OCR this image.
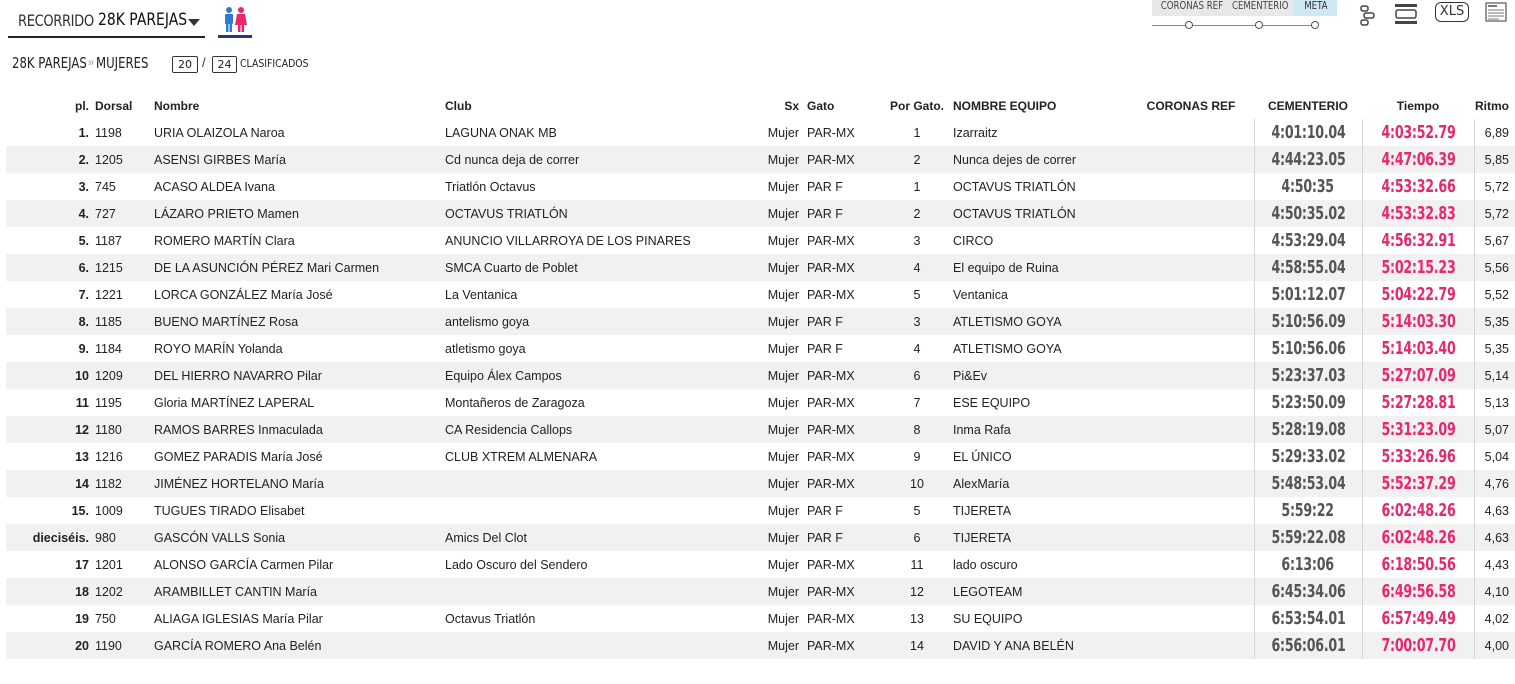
RECORRIDO 28K PAREJAS
CORONAS REF CEMENTERIO	META	XLS
28K PAREJAS » MUJERES	20 /	24 CLASIFICADOS
pl.	Dorsal	Nombre	Club	Sx	Gato	Por Gato.	NOMBRE EQUIPO	CORONAS REF	CEMENTERIO	Tiempo	Ritmo
1.	1198	URIA OLAIZOLA Naroa	LAGUNA ONAK MB	Mujer	PAR-MX	1	Izarraitz		4:01:10.04	4:03:52.79	6,89
2.	1205	ASENSI GIRBES María	Cd nunca deja de correr	Mujer	PAR-MX	2	Nunca dejes de correr		4:44:23.05	4:47:06.39	5,85
3.	745	ACASO ALDEA Ivana	Triatlón Octavus	Mujer	PAR F	1	OCTAVUS TRIATLÓN		4:50:35	4:53:32.66	5,72
4.	727	LÁZARO PRIETO Mamen	OCTAVUS TRIATLÓN	Mujer	PAR F	2	OCTAVUS TRIATLÓN		4:50:35.02	4:53:32.83	5,72
5.	1187	ROMERO MARTÍN Clara	ANUNCIO VILLARROYA DE LOS PINARES	Mujer	PAR-MX	3	CIRCO		4:53:29.04	4:56:32.91	5,67
6.	1215	DE LA ASUNCIÓN PÉREZ Mari Carmen	SMCA Cuarto de Poblet	Mujer	PAR-MX	4	El equipo de Ruina		4:58:55.04	5:02:15.23	5,56
7.	1221	LORCA GONZÁLEZ María José	La Ventanica	Mujer	PAR-MX	5	Ventanica		5:01:12.07	5:04:22.79	5,52
8.	1185	BUENO MARTÍNEZ Rosa	antelismo goya	Mujer	PAR F	3	ATLETISMO GOYA		5:10:56.09	5:14:03.30	5,35
9.	1184	ROYO MARÍN Yolanda	atletismo goya	Mujer	PAR F	4	ATLETISMO GOYA		5:10:56.06	5:14:03.40	5,35
10	1209	DEL HIERRO NAVARRO Pilar	Equipo Álex Campos	Mujer	PAR-MX	6	Pi&Ev		5:23:37.03	5:27:07.09	5,14
11	1195	Gloria MARTÍNEZ LAPERAL	Montañeros de Zaragoza	Mujer	PAR-MX	7	ESE EQUIPO		5:23:50.09	5:27:28.81	5,13
12	1180	RAMOS BARRES Inmaculada	CA Residencia Callops	Mujer	PAR-MX	8	Inma Rafa		5:28:19.08	5:31:23.09	5,07
13	1216	GOMEZ PARADIS María José	CLUB XTREM ALMENARA	Mujer	PAR-MX	9	EL ÚNICO		5:29:33.02	5:33:26.96	5,04
14	1182	JIMÉNEZ HORTELANO María		Mujer	PAR-MX	10	AlexMaría		5:48:53.04	5:52:37.29	4,76
15.	1009	TUGUES TIRADO Elisabet		Mujer	PAR F	5	TIJERETA		5:59:22	6:02:48.26	4,63
dieciséis.	980	GASCÓN VALLS Sonia	Amics Del Clot	Mujer	PAR F	6	TIJERETA		5:59:22.08	6:02:48.26	4,63
17	1201	ALONSO GARCÍA Carmen Pilar	Lado Oscuro del Sendero	Mujer	PAR-MX	11	lado oscuro		6:13:06	6:18:50.56	4,43
18	1202	ARAMBILLET CANTIN María		Mujer	PAR-MX	12	LEGOTEAM		6:45:34.06	6:49:56.58	4,10
19	750	ALIAGA IGLESIAS María Pilar	Octavus Triatlón	Mujer	PAR-MX	13	SU EQUIPO		6:53:54.01	6:57:49.49	4,02
20	1190	GARCÍA ROMERO Ana Belén		Mujer	PAR-MX	14	DAVID Y ANA BELÉN		6:56:06.01	7:00:07.70	4,00
